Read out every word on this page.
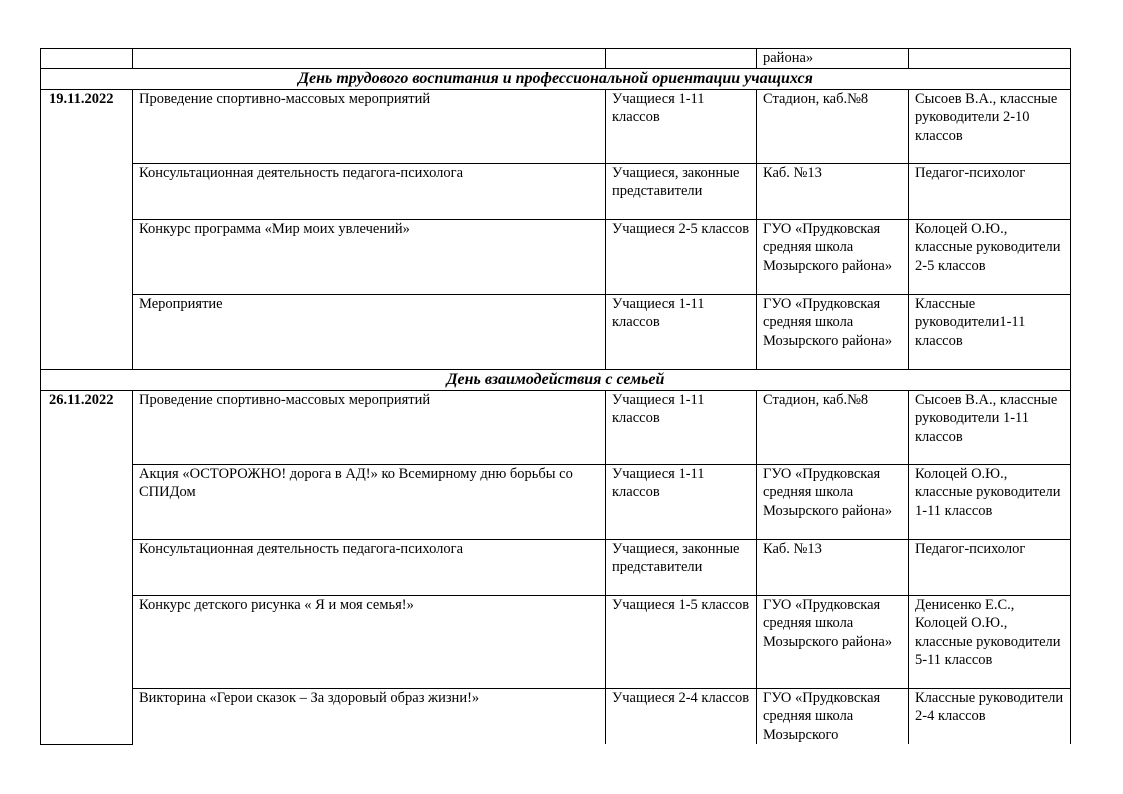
			района»	
День трудового воспитания и профессиональной ориентации учащихся				
19.11.2022	Проведение спортивно-массовых мероприятий	Учащиеся 1-11 классов	Стадион, каб.№8	Сысоев В.А., классные руководители 2-10 классов
	Консультационная деятельность педагога-психолога	Учащиеся, законные представители	Каб. №13	Педагог-психолог
	Конкурс программа «Мир моих увлечений»	Учащиеся 2-5 классов	ГУО «Прудковская средняя школа Мозырского района»	Колоцей О.Ю., классные руководители 2-5 классов
	Мероприятие	Учащиеся 1-11 классов	ГУО «Прудковская средняя школа Мозырского района»	Классные руководители1-11 классов
День взаимодействия с семьей				
26.11.2022	Проведение спортивно-массовых мероприятий	Учащиеся 1-11 классов	Стадион, каб.№8	Сысоев В.А., классные руководители 1-11 классов
	Акция «ОСТОРОЖНО! дорога в АД!» ко Всемирному дню борьбы со СПИДом	Учащиеся 1-11 классов	ГУО «Прудковская средняя школа Мозырского района»	Колоцей О.Ю., классные руководители 1-11 классов
	Консультационная деятельность педагога-психолога	Учащиеся, законные представители	Каб. №13	Педагог-психолог
	Конкурс детского рисунка « Я и моя семья!»	Учащиеся 1-5 классов	ГУО «Прудковская средняя школа Мозырского района»	Денисенко Е.С., Колоцей О.Ю., классные руководители 5-11 классов
	Викторина «Герои сказок – За здоровый образ жизни!»	Учащиеся 2-4 классов	ГУО «Прудковская средняя школа Мозырского	Классные руководители 2-4 классов
